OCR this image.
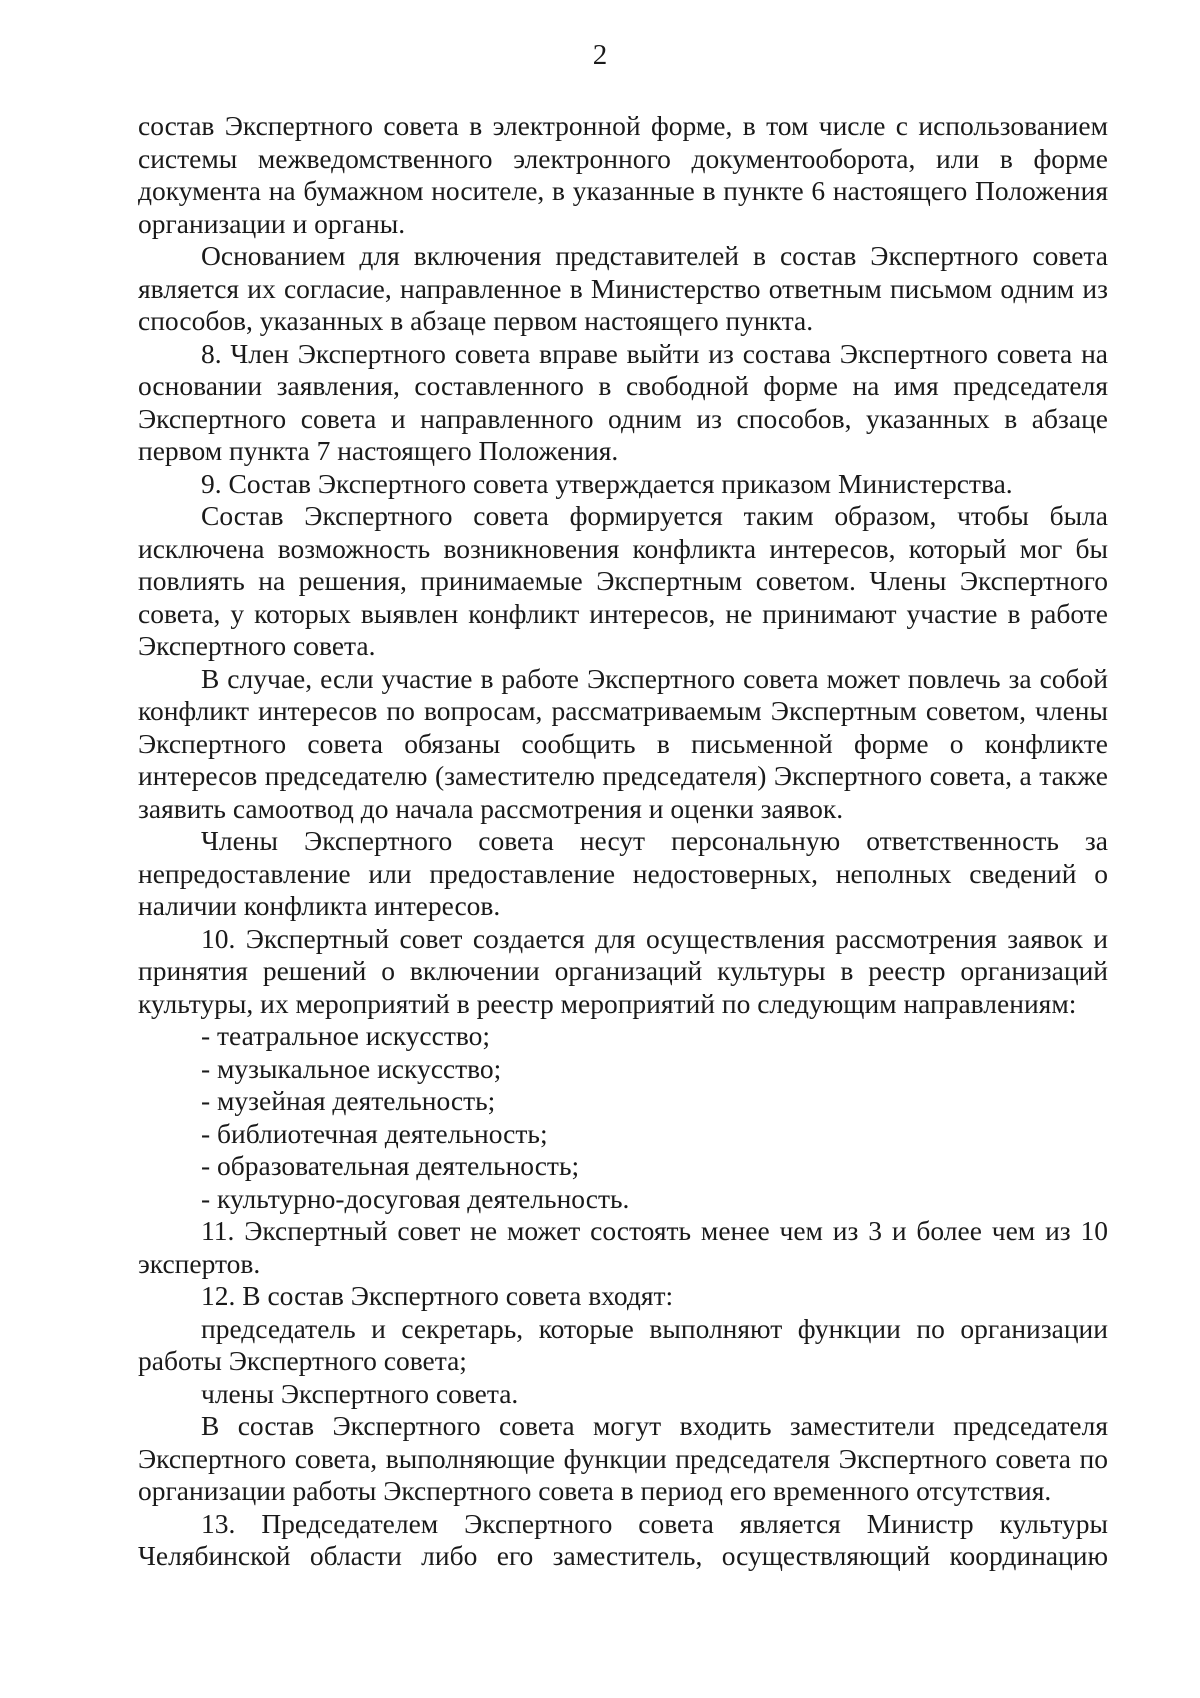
2

состав Экспертного совета в электронной форме, в том числе с использованием системы межведомственного электронного документооборота, или в форме документа на бумажном носителе, в указанные в пункте 6 настоящего Положения организации и органы.

Основанием для включения представителей в состав Экспертного совета является их согласие, направленное в Министерство ответным письмом одним из способов, указанных в абзаце первом настоящего пункта.

8. Член Экспертного совета вправе выйти из состава Экспертного совета на основании заявления, составленного в свободной форме на имя председателя Экспертного совета и направленного одним из способов, указанных в абзаце первом пункта 7 настоящего Положения.

9. Состав Экспертного совета утверждается приказом Министерства.

Состав Экспертного совета формируется таким образом, чтобы была исключена возможность возникновения конфликта интересов, который мог бы повлиять на решения, принимаемые Экспертным советом. Члены Экспертного совета, у которых выявлен конфликт интересов, не принимают участие в работе Экспертного совета.

В случае, если участие в работе Экспертного совета может повлечь за собой конфликт интересов по вопросам, рассматриваемым Экспертным советом, члены Экспертного совета обязаны сообщить в письменной форме о конфликте интересов председателю (заместителю председателя) Экспертного совета, а также заявить самоотвод до начала рассмотрения и оценки заявок.

Члены Экспертного совета несут персональную ответственность за непредоставление или предоставление недостоверных, неполных сведений о наличии конфликта интересов.

10. Экспертный совет создается для осуществления рассмотрения заявок и принятия решений о включении организаций культуры в реестр организаций культуры, их мероприятий в реестр мероприятий по следующим направлениям:

- театральное искусство;
- музыкальное искусство;
- музейная деятельность;
- библиотечная деятельность;
- образовательная деятельность;
- культурно-досуговая деятельность.

11. Экспертный совет не может состоять менее чем из 3 и более чем из 10 экспертов.

12. В состав Экспертного совета входят:

председатель и секретарь, которые выполняют функции по организации работы Экспертного совета;

члены Экспертного совета.

В состав Экспертного совета могут входить заместители председателя Экспертного совета, выполняющие функции председателя Экспертного совета по организации работы Экспертного совета в период его временного отсутствия.

13. Председателем Экспертного совета является Министр культуры Челябинской области либо его заместитель, осуществляющий координацию
